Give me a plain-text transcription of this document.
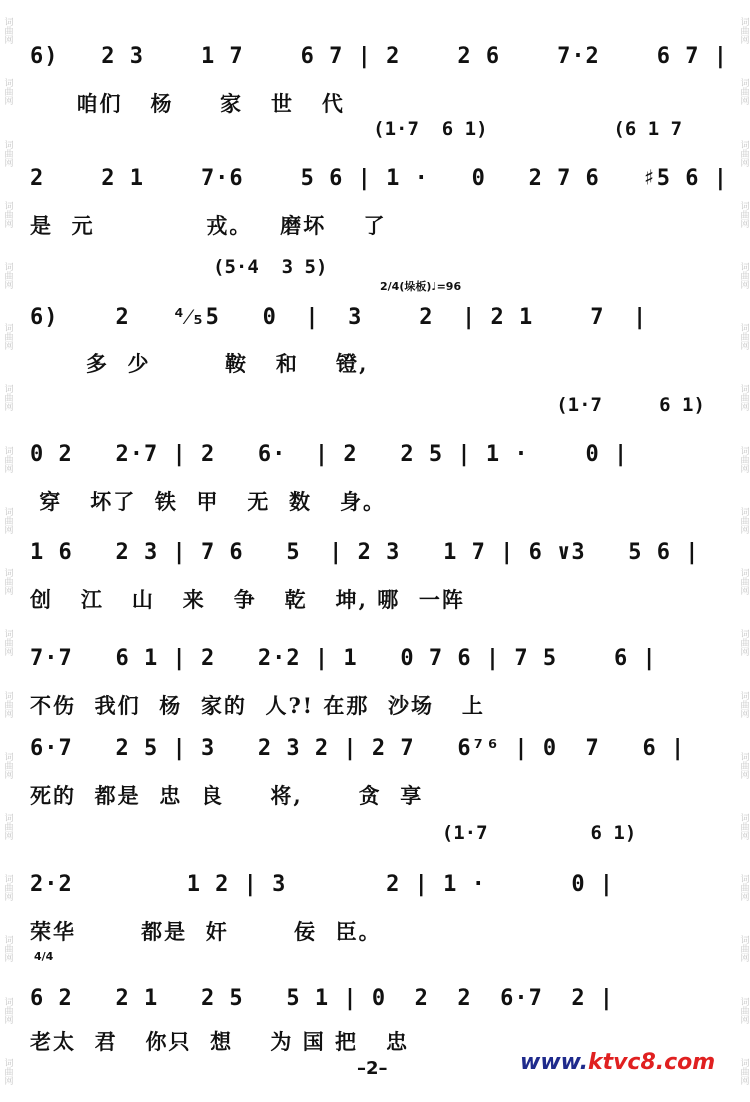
词曲网
词曲网
词曲网
词曲网
词曲网
词曲网
词曲网
词曲网
词曲网
词曲网
词曲网
词曲网
词曲网
词曲网
词曲网
词曲网
词曲网
词曲网
词曲网
词曲网
词曲网
词曲网
词曲网
词曲网
词曲网
词曲网
词曲网
词曲网
词曲网
词曲网
词曲网
词曲网
词曲网
词曲网
词曲网
词曲网
6)   2 3    1 7    6 7 | 2    2 6    7·2    6 7 |
咱们   杨     家   世   代
(1·7  6 1)           (6 1 7
2    2 1    7·6    5 6 | 1 ·   0   2 7 6   ♯5 6 |
是  元            戎。   磨坏    了
(5·4  3 5)
2/4(垛板)♩=96
6)    2   ⁴⁄₅5   0  |  3    2  | 2 1    7  |
多  少        鞍   和    镫,
(1·7     6 1)
0 2   2·7 | 2   6·  | 2   2 5 | 1 ·    0 |
穿   坏了  铁  甲   无  数   身。
1 6   2 3 | 7 6   5  | 2 3   1 7 | 6 ∨3   5 6 |
创   江   山   来   争   乾   坤, 哪  一阵
7·7   6 1 | 2   2·2 | 1   0 7 6 | 7 5    6 |
不伤  我们  杨  家的  人?! 在那  沙场   上
6·7   2 5 | 3   2 3 2 | 2 7   6⁷⁶ | 0  7   6 |
死的  都是  忠  良     将,      贪  享
(1·7         6 1)
2·2        1 2 | 3       2 | 1 ·      0 |
荣华       都是  奸       佞  臣。
4/4
6 2   2 1   2 5   5 1 | 0  2  2  6·7  2 |
老太  君   你只  想    为 国 把   忠
–2–	www.ktvc8.com
